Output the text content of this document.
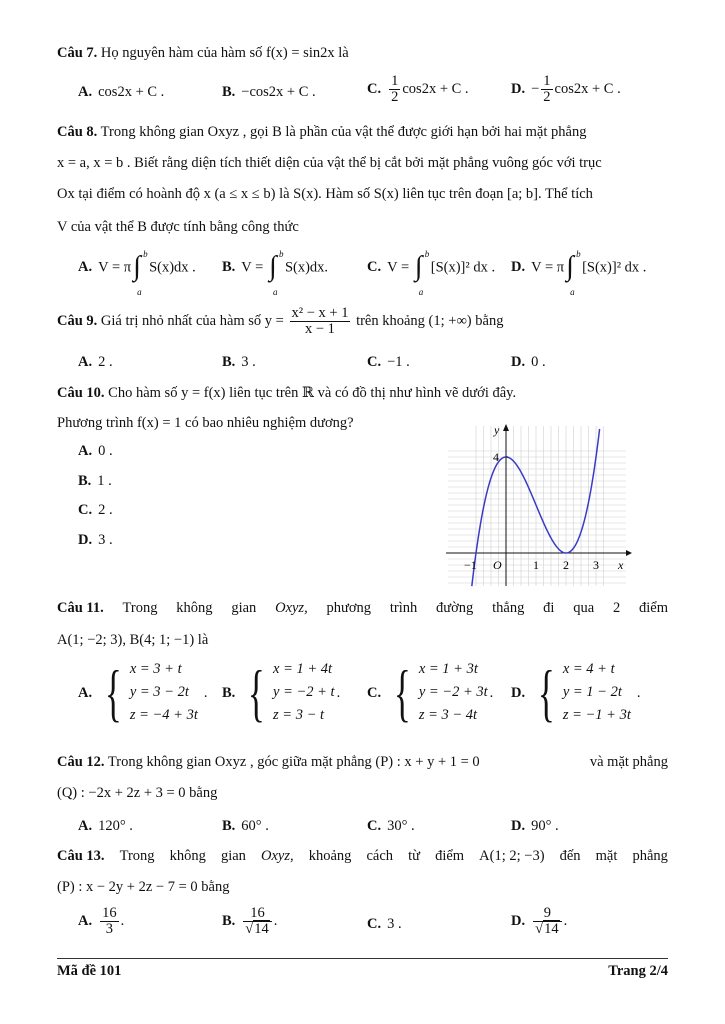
Câu 7. Họ nguyên hàm của hàm số f(x) = sin2x là
A. cos2x + C .	B. −cos2x + C .	C. $\frac{1}{2} \cos 2x + C$ .	D. − $\frac{1}{2} \cos 2x + C$ .
Câu 8. Trong không gian Oxyz , gọi B là phần của vật thể được giới hạn bởi hai mặt phẳng
x = a, x = b . Biết rằng diện tích thiết diện của vật thể bị cắt bởi mặt phẳng vuông góc với trục
Ox tại điểm có hoành độ x (a ≤ x ≤ b) là S(x). Hàm số S(x) liên tục trên đoạn [a; b]. Thể tích
V của vật thể B được tính bằng công thức
A. V = π ∫ b
a
S(x)dx . B. V = ∫ b
a
S(x)dx.	C. V = ∫ b
a
[S(x)]² dx . D. V = π ∫ b
a
[S(x)]² dx .
Câu 9. Giá trị nhỏ nhất của hàm số $y = \frac{\text{x² − x + 1}}{x - 1}$ trên khoảng (1; +∞) bằng
A. 2 .	B. 3 .	C. −1 .	D. 0 .
Câu 10. Cho hàm số y = f(x) liên tục trên ℝ và có đồ thị như hình vẽ dưới đây.
Phương trình f(x) = 1 có bao nhiêu nghiệm dương?
A. 0 .
B. 1 .
C. 2 .
D. 3 .
y
x
O
4
−1	1 2 3
Câu 11. Trong không gian Oxyz, phương trình đường thẳng đi qua 2 điểm
A(1; −2; 3), B(4; 1; −1) là
A. { x = 3 + t
y = 3 − 2t
z = −4 + 3t
. B. { x = 1 + 4t
y = −2 + t
z = 3 − t
. C. { x = 1 + 3t
y = −2 + 3t
z = 3 − 4t
. D. { x = 4 + t
y = 1 − 2t
z = −1 + 3t
.
Câu 12. Trong không gian Oxyz , góc giữa mặt phẳng (P) : x + y + 1 = 0	và mặt phẳng
(Q) : −2x + 2z + 3 = 0 bằng
A. 120° .	B. 60° .	C. 30° .	D. 90° .
Câu 13. Trong không gian Oxyz, khoảng cách từ điểm A(1; 2; −3) đến mặt phẳng
(P) : x − 2y + 2z − 7 = 0 bằng
A. $\frac{16}{3}$ .	B. $\frac{16}{√14}$ .	C. 3 .	D. $\frac{9}{√14}$ .
Mã đề 101	Trang 2/4
